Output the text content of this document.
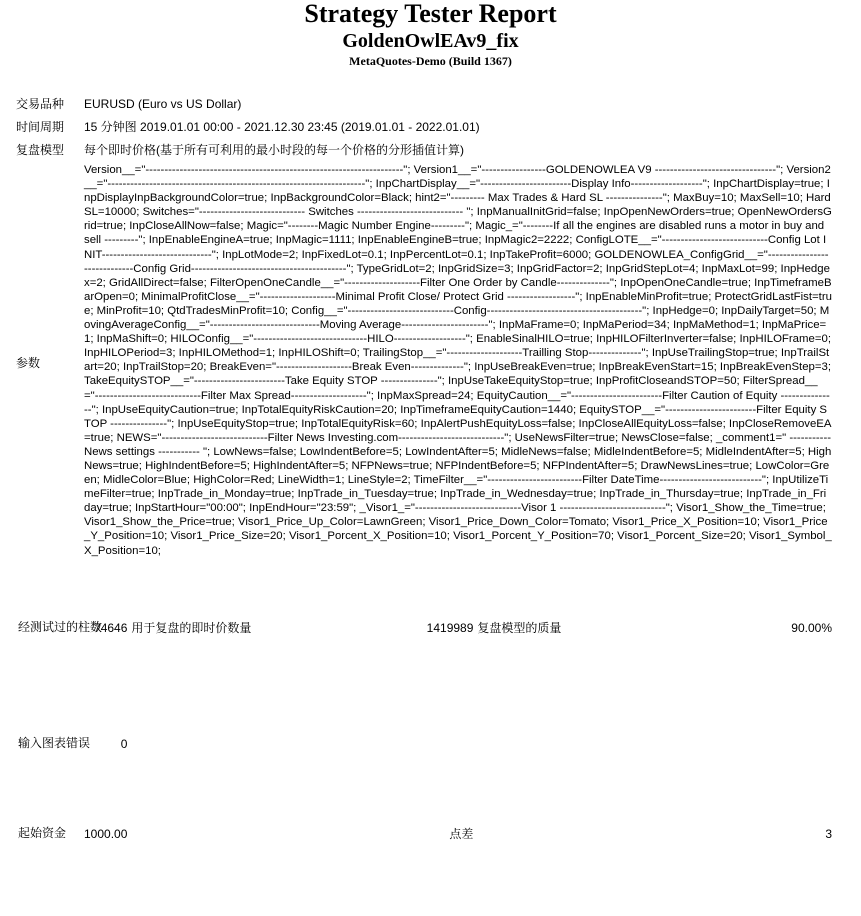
Strategy Tester Report
GoldenOwlEAv9_fix
MetaQuotes-Demo (Build 1367)
交易品种	EURUSD (Euro vs US Dollar)				
时间周期	15 分钟图 2019.01.01 00:00 - 2021.12.30 23:45 (2019.01.01 - 2022.01.01)				
复盘模型	每个即时价格(基于所有可利用的最小时段的每一个价格的分形插值计算)				
参数	Version__="--------------------------------------------------------------------"; Version1__="-----------------GOLDENOWLEA V9 --------------------------------"; Version2__="--------------------------------------------------------------------"; InpChartDisplay__="------------------------Display Info-------------------"; InpChartDisplay=true; InpDisplayInpBackgroundColor=true; InpBackgroundColor=Black; hint2="--------- Max Trades & Hard SL ---------------"; MaxBuy=10; MaxSell=10; HardSL=10000; Switches="---------------------------- Switches ---------------------------- "; InpManualInitGrid=false; InpOpenNewOrders=true; OpenNewOrdersGrid=true; InpCloseAllNow=false; Magic="--------Magic Number Engine---------"; Magic_="--------If all the engines are disabled runs a motor in buy and sell ---------"; InpEnableEngineA=true; InpMagic=1111; InpEnableEngineB=true; InpMagic2=2222; ConfigLOTE__="----------------------------Config Lot INIT-----------------------------"; InpLotMode=2; InpFixedLot=0.1; InpPercentLot=0.1; InpTakeProfit=6000; GOLDENOWLEA_ConfigGrid__="-----------------------------Config Grid-----------------------------------------"; TypeGridLot=2; InpGridSize=3; InpGridFactor=2; InpGridStepLot=4; InpMaxLot=99; InpHedgex=2; GridAllDirect=false; FilterOpenOneCandle__="--------------------Filter One Order by Candle--------------"; InpOpenOneCandle=true; InpTimeframeBarOpen=0; MinimalProfitClose__="--------------------Minimal Profit Close/ Protect Grid ------------------"; InpEnableMinProfit=true; ProtectGridLastFist=true; MinProfit=10; QtdTradesMinProfit=10; Config__="----------------------------Config-----------------------------------------"; InpHedge=0; InpDailyTarget=50; MovingAverageConfig__="-----------------------------Moving Average-----------------------"; InpMaFrame=0; InpMaPeriod=34; InpMaMethod=1; InpMaPrice=1; InpMaShift=0; HILOConfig__="------------------------------HILO-------------------"; EnableSinalHILO=true; InpHILOFilterInverter=false; InpHILOFrame=0; InpHILOPeriod=3; InpHILOMethod=1; InpHILOShift=0; TrailingStop__="--------------------Trailling Stop--------------"; InpUseTrailingStop=true; InpTrailStart=20; InpTrailStop=20; BreakEven="--------------------Break Even--------------"; InpUseBreakEven=true; InpBreakEvenStart=15; InpBreakEvenStep=3; TakeEquitySTOP__="------------------------Take Equity STOP ---------------"; InpUseTakeEquityStop=true; InpProfitCloseandSTOP=50; FilterSpread__="----------------------------Filter Max Spread--------------------"; InpMaxSpread=24; EquityCaution__="------------------------Filter Caution of Equity ---------------"; InpUseEquityCaution=true; InpTotalEquityRiskCaution=20; InpTimeframeEquityCaution=1440; EquitySTOP__="------------------------Filter Equity STOP ---------------"; InpUseEquityStop=true; InpTotalEquityRisk=60; InpAlertPushEquityLoss=false; InpCloseAllEquityLoss=false; InpCloseRemoveEA=true; NEWS="----------------------------Filter News Investing.com----------------------------"; UseNewsFilter=true; NewsClose=false; _comment1=" ----------- News settings ----------- "; LowNews=false; LowIndentBefore=5; LowIndentAfter=5; MidleNews=false; MidleIndentBefore=5; MidleIndentAfter=5; HighNews=true; HighIndentBefore=5; HighIndentAfter=5; NFPNews=true; NFPIndentBefore=5; NFPIndentAfter=5; DrawNewsLines=true; LowColor=Green; MidleColor=Blue; HighColor=Red; LineWidth=1; LineStyle=2; TimeFilter__="-------------------------Filter DateTime---------------------------"; InpUtilizeTimeFilter=true; InpTrade_in_Monday=true; InpTrade_in_Tuesday=true; InpTrade_in_Wednesday=true; InpTrade_in_Thursday=true; InpTrade_in_Friday=true; InpStartHour="00:00"; InpEndHour="23:59"; _Visor1_="----------------------------Visor 1 ----------------------------"; Visor1_Show_the_Time=true; Visor1_Show_the_Price=true; Visor1_Price_Up_Color=LawnGreen; Visor1_Price_Down_Color=Tomato; Visor1_Price_X_Position=10; Visor1_Price_Y_Position=10; Visor1_Price_Size=20; Visor1_Porcent_X_Position=10; Visor1_Porcent_Y_Position=70; Visor1_Porcent_Size=20; Visor1_Symbol_X_Position=10;				
经测试过的柱数	74646	用于复盘的即时价数量	1419989	复盘模型的质量	90.00%
输入图表错误	0				
起始资金	1000.00	点差		3	
